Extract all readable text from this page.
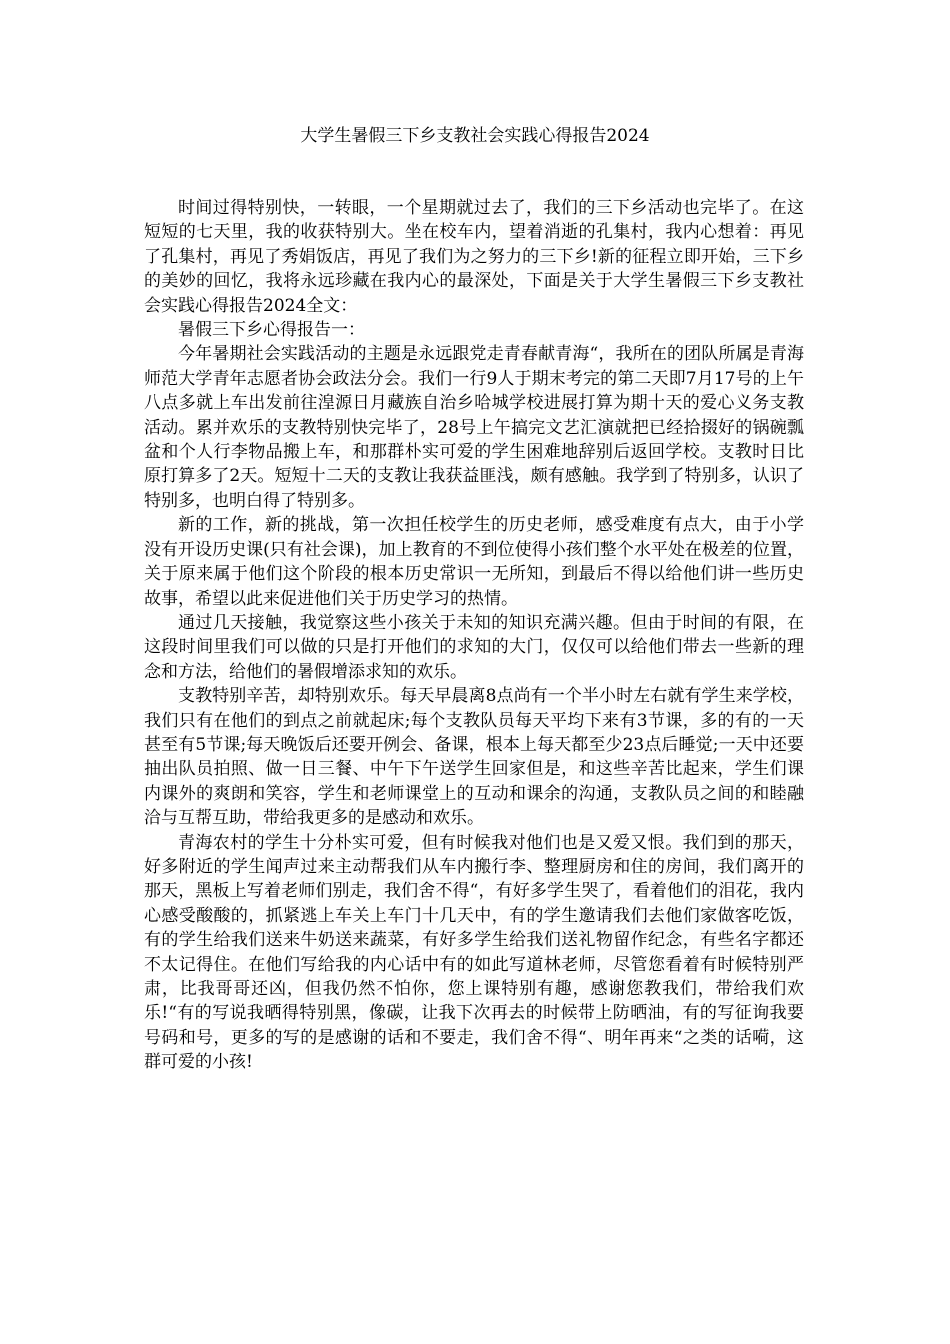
大学生暑假三下乡支教社会实践心得报告2024

时间过得特别快，一转眼，一个星期就过去了，我们的三下乡活动也完毕了。在这短短的七天里，我的收获特别大。坐在校车内，望着消逝的孔集村，我内心想着：再见了孔集村，再见了秀娟饭店，再见了我们为之努力的三下乡!新的征程立即开始，三下乡的美妙的回忆，我将永远珍藏在我内心的最深处，下面是关于大学生暑假三下乡支教社会实践心得报告2024全文：

暑假三下乡心得报告一：

今年暑期社会实践活动的主题是永远跟党走青春献青海“，我所在的团队所属是青海师范大学青年志愿者协会政法分会。我们一行9人于期末考完的第二天即7月17号的上午八点多就上车出发前往湟源日月藏族自治乡哈城学校进展打算为期十天的爱心义务支教活动。累并欢乐的支教特别快完毕了，28号上午搞完文艺汇演就把已经拾掇好的锅碗瓢盆和个人行李物品搬上车，和那群朴实可爱的学生困难地辞别后返回学校。支教时日比原打算多了2天。短短十二天的支教让我获益匪浅，颇有感触。我学到了特别多，认识了特别多，也明白得了特别多。

新的工作，新的挑战，第一次担任校学生的历史老师，感受难度有点大，由于小学没有开设历史课(只有社会课)，加上教育的不到位使得小孩们整个水平处在极差的位置，关于原来属于他们这个阶段的根本历史常识一无所知，到最后不得以给他们讲一些历史故事，希望以此来促进他们关于历史学习的热情。

通过几天接触，我觉察这些小孩关于未知的知识充满兴趣。但由于时间的有限，在这段时间里我们可以做的只是打开他们的求知的大门，仅仅可以给他们带去一些新的理念和方法，给他们的暑假增添求知的欢乐。

支教特别辛苦，却特别欢乐。每天早晨离8点尚有一个半小时左右就有学生来学校，我们只有在他们的到点之前就起床;每个支教队员每天平均下来有3节课，多的有的一天甚至有5节课;每天晚饭后还要开例会、备课，根本上每天都至少23点后睡觉;一天中还要抽出队员拍照、做一日三餐、中午下午送学生回家但是，和这些辛苦比起来，学生们课内课外的爽朗和笑容，学生和老师课堂上的互动和课余的沟通，支教队员之间的和睦融洽与互帮互助，带给我更多的是感动和欢乐。

青海农村的学生十分朴实可爱，但有时候我对他们也是又爱又恨。我们到的那天，好多附近的学生闻声过来主动帮我们从车内搬行李、整理厨房和住的房间，我们离开的那天，黑板上写着老师们别走，我们舍不得“，有好多学生哭了，看着他们的泪花，我内心感受酸酸的，抓紧逃上车关上车门十几天中，有的学生邀请我们去他们家做客吃饭，有的学生给我们送来牛奶送来蔬菜，有好多学生给我们送礼物留作纪念，有些名字都还不太记得住。在他们写给我的内心话中有的如此写道林老师，尽管您看着有时候特别严肃，比我哥哥还凶，但我仍然不怕你，您上课特别有趣，感谢您教我们，带给我们欢乐!“有的写说我晒得特别黑，像碳，让我下次再去的时候带上防晒油，有的写征询我要号码和号，更多的写的是感谢的话和不要走，我们舍不得“、明年再来“之类的话嗬，这群可爱的小孩!
